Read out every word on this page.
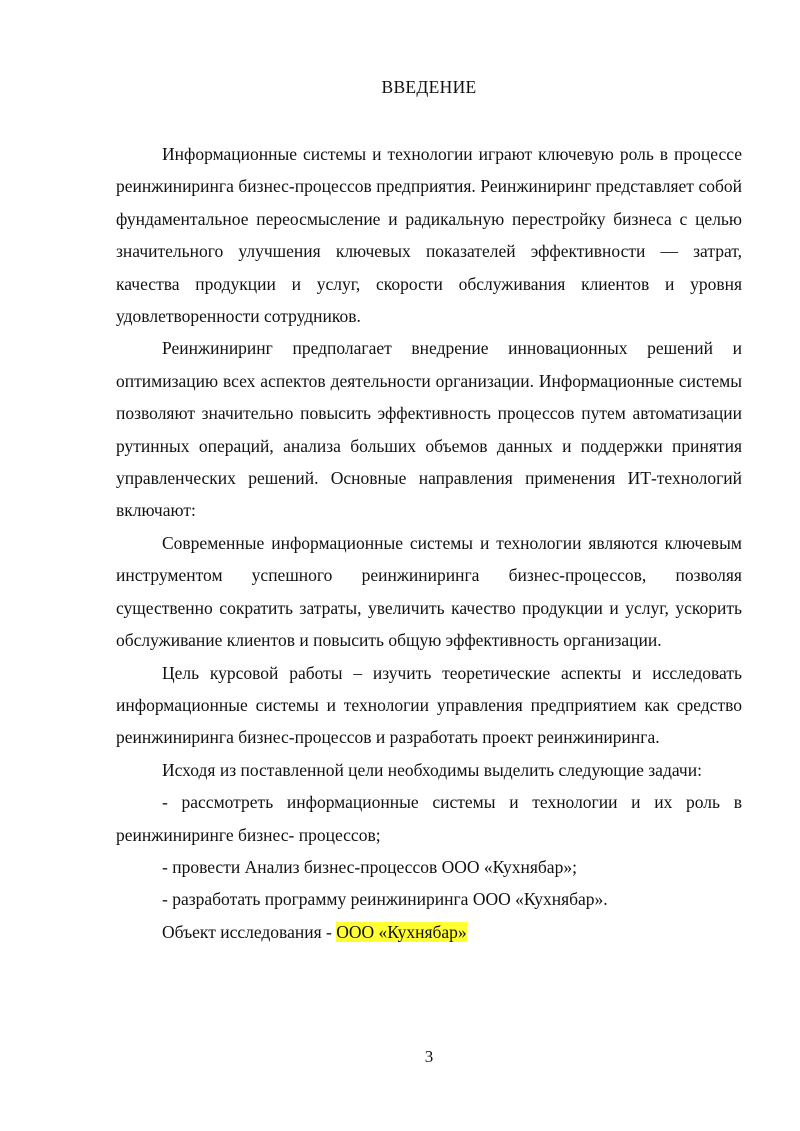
ВВЕДЕНИЕ

Информационные системы и технологии играют ключевую роль в процессе реинжиниринга бизнес-процессов предприятия. Реинжиниринг представляет собой фундаментальное переосмысление и радикальную перестройку бизнеса с целью значительного улучшения ключевых показателей эффективности — затрат, качества продукции и услуг, скорости обслуживания клиентов и уровня удовлетворенности сотрудников.

Реинжиниринг предполагает внедрение инновационных решений и оптимизацию всех аспектов деятельности организации. Информационные системы позволяют значительно повысить эффективность процессов путем автоматизации рутинных операций, анализа больших объемов данных и поддержки принятия управленческих решений. Основные направления применения ИТ-технологий включают:

Современные информационные системы и технологии являются ключевым инструментом успешного реинжиниринга бизнес-процессов, позволяя существенно сократить затраты, увеличить качество продукции и услуг, ускорить обслуживание клиентов и повысить общую эффективность организации.

Цель курсовой работы – изучить теоретические аспекты и исследовать информационные системы и технологии управления предприятием как средство реинжиниринга бизнес-процессов и разработать проект реинжиниринга.

Исходя из поставленной цели необходимы выделить следующие задачи:

- рассмотреть информационные системы и технологии и их роль в реинжиниринге бизнес- процессов;

- провести Анализ бизнес-процессов ООО «Кухнябар»;

- разработать программу реинжиниринга ООО «Кухнябар».

Объект исследования - ООО «Кухнябар»

3
